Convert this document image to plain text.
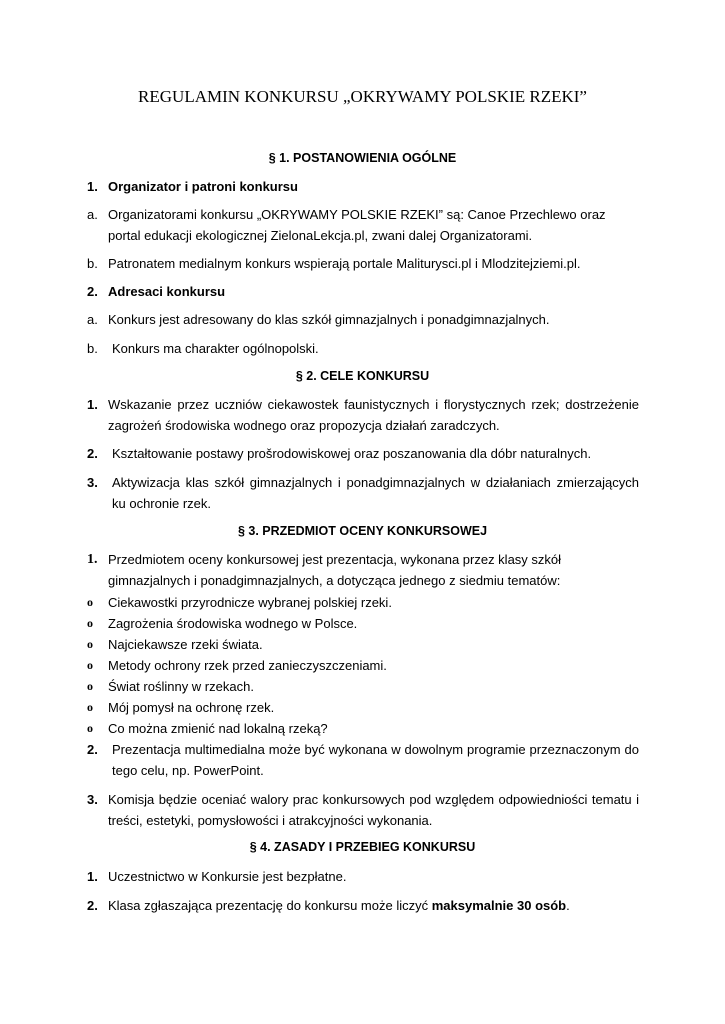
REGULAMIN KONKURSU „OKRYWAMY POLSKIE RZEKI”
§ 1. POSTANOWIENIA OGÓLNE
1. Organizator i patroni konkursu
a. Organizatorami konkursu „OKRYWAMY POLSKIE RZEKI” są: Canoe Przechlewo oraz portal edukacji ekologicznej ZielonaLekcja.pl, zwani dalej Organizatorami.
b. Patronatem medialnym konkurs wspierają portale Maliturysci.pl i Mlodzitejziemi.pl.
2. Adresaci konkursu
a. Konkurs jest adresowany do klas szkół gimnazjalnych i ponadgimnazjalnych.
b.	Konkurs ma charakter ogólnopolski.
§ 2. CELE KONKURSU
1. Wskazanie przez uczniów ciekawostek faunistycznych i florystycznych rzek; dostrzeżenie zagrożeń środowiska wodnego oraz propozycja działań zaradczych.
2.	Kształtowanie postawy prošrodowiskowej oraz poszanowania dla dóbr naturalnych.
3.	Aktywizacja klas szkół gimnazjalnych i ponadgimnazjalnych w działaniach zmierzających ku ochronie rzek.
§ 3. PRZEDMIOT OCENY KONKURSOWEJ
1. Przedmiotem oceny konkursowej jest prezentacja, wykonana przez klasy szkół gimnazjalnych i ponadgimnazjalnych, a dotycząca jednego z siedmiu tematów:
o	Ciekawostki przyrodnicze wybranej polskiej rzeki.
o	Zagrożenia środowiska wodnego w Polsce.
o	Najciekawsze rzeki świata.
o	Metody ochrony rzek przed zanieczyszczeniami.
o	Świat roślinny w rzekach.
o	Mój pomysł na ochronę rzek.
o	Co można zmienić nad lokalną rzeką?
2.	Prezentacja multimedialna może być wykonana w dowolnym programie przeznaczonym do tego celu, np. PowerPoint.
3. Komisja będzie oceniać walory prac konkursowych pod względem odpowiedniości tematu i treści, estetyki, pomysłowości i atrakcyjności wykonania.
§ 4. ZASADY I PRZEBIEG KONKURSU
1. Uczestnictwo w Konkursie jest bezpłatne.
2. Klasa zgłaszająca prezentację do konkursu może liczyć maksymalnie 30 osób.
